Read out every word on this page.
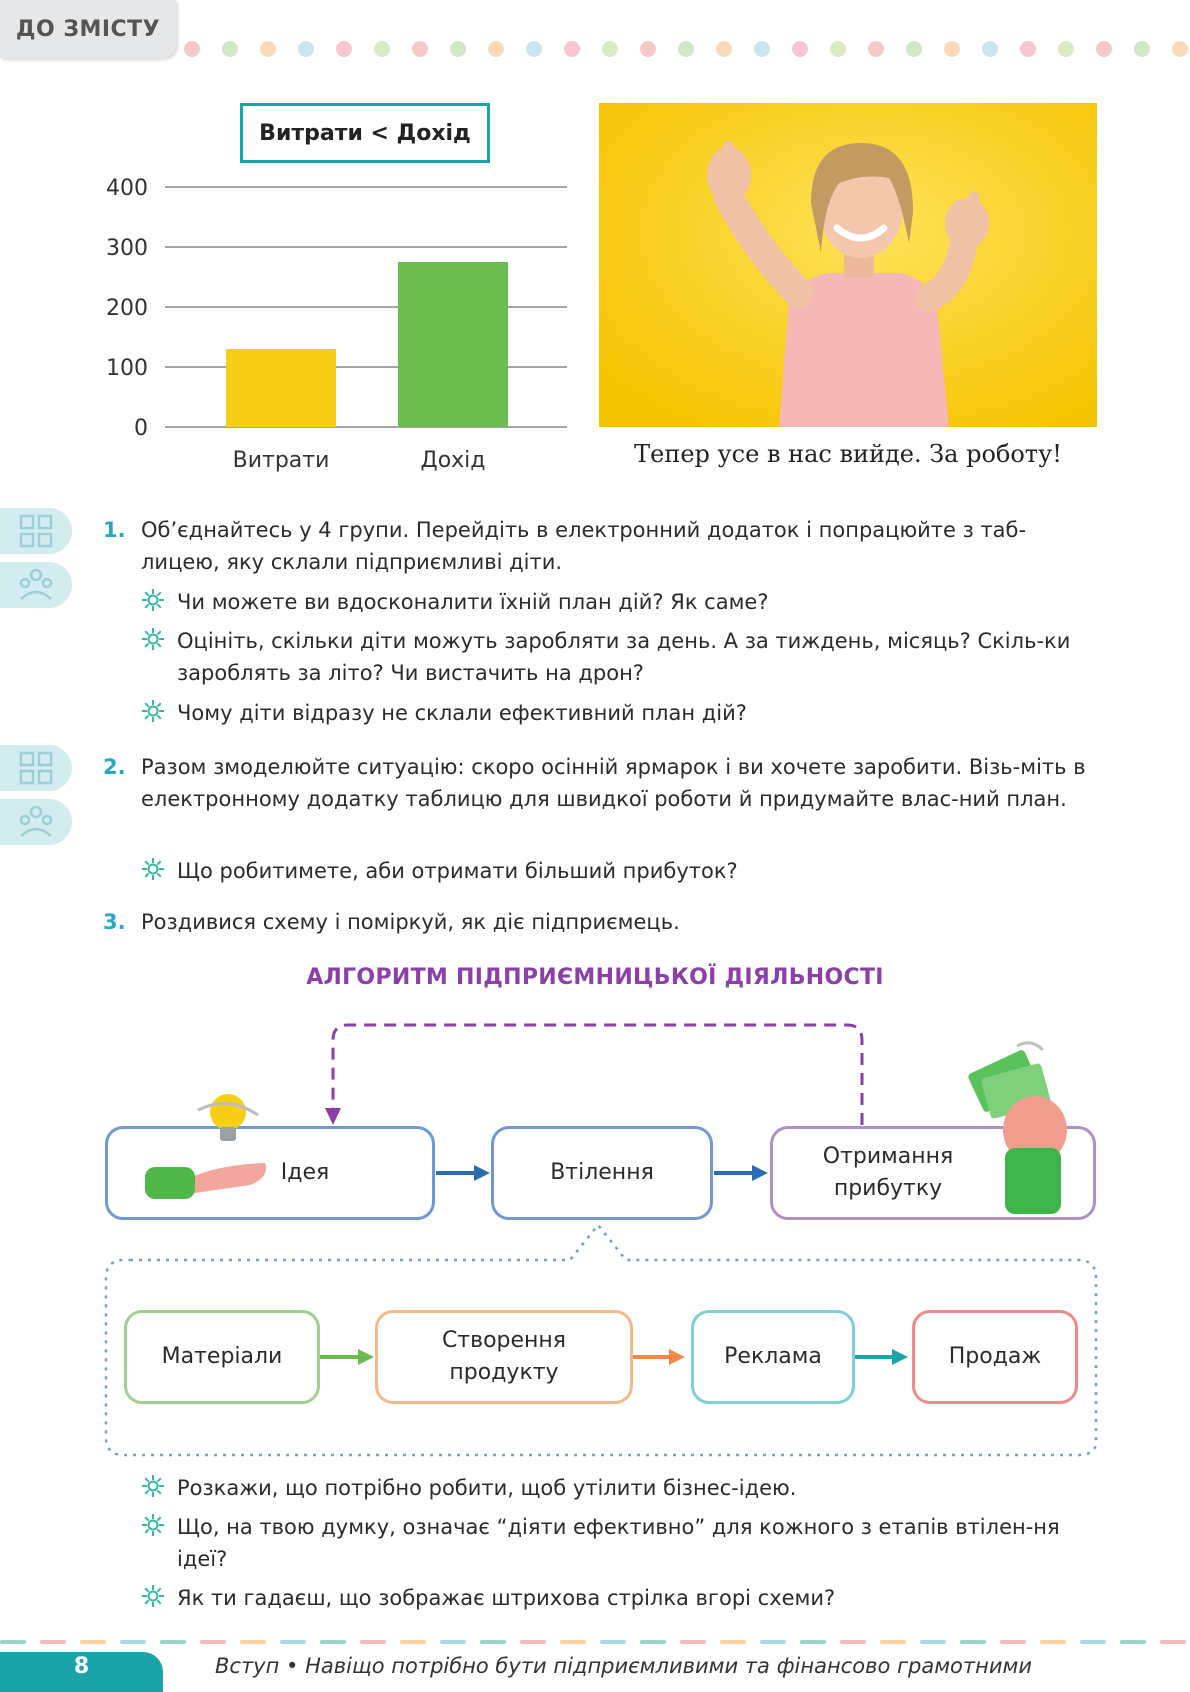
ДО ЗМІСТУ
Витрати < Дохід
400
300
200
100
0
Витрати	Дохід	Тепер усе в нас вийде. За роботу!
1. Об’єднайтесь у 4 групи. Перейдіть в електронний додаток і попрацюйте з таб-лицею, яку склали підприємливі діти.
Чи можете ви вдосконалити їхній план дій? Як саме?
Оцініть, скільки діти можуть заробляти за день. А за тиждень, місяць? Скіль-ки зароблять за літо? Чи вистачить на дрон?
Чому діти відразу не склали ефективний план дій?
2. Разом змоделюйте ситуацію: скоро осінній ярмарок і ви хочете заробити. Візь-міть в електронному додатку таблицю для швидкої роботи й придумайте влас-ний план.
Що робитимете, аби отримати більший прибуток?
3. Роздивися схему і поміркуй, як діє підприємець.
АЛГОРИТМ ПІДПРИЄМНИЦЬКОЇ ДІЯЛЬНОСТІ
Ідея	Втілення
Отримання прибутку
Матеріали
Створення продукту
Реклама	Продаж
Розкажи, що потрібно робити, щоб утілити бізнес-ідею.
Що, на твою думку, означає “діяти ефективно” для кожного з етапів втілен-ня ідеї?
Як ти гадаєш, що зображає штрихова стрілка вгорі схеми?
8	Вступ • Навіщо потрібно бути підприємливими та фінансово грамотними
